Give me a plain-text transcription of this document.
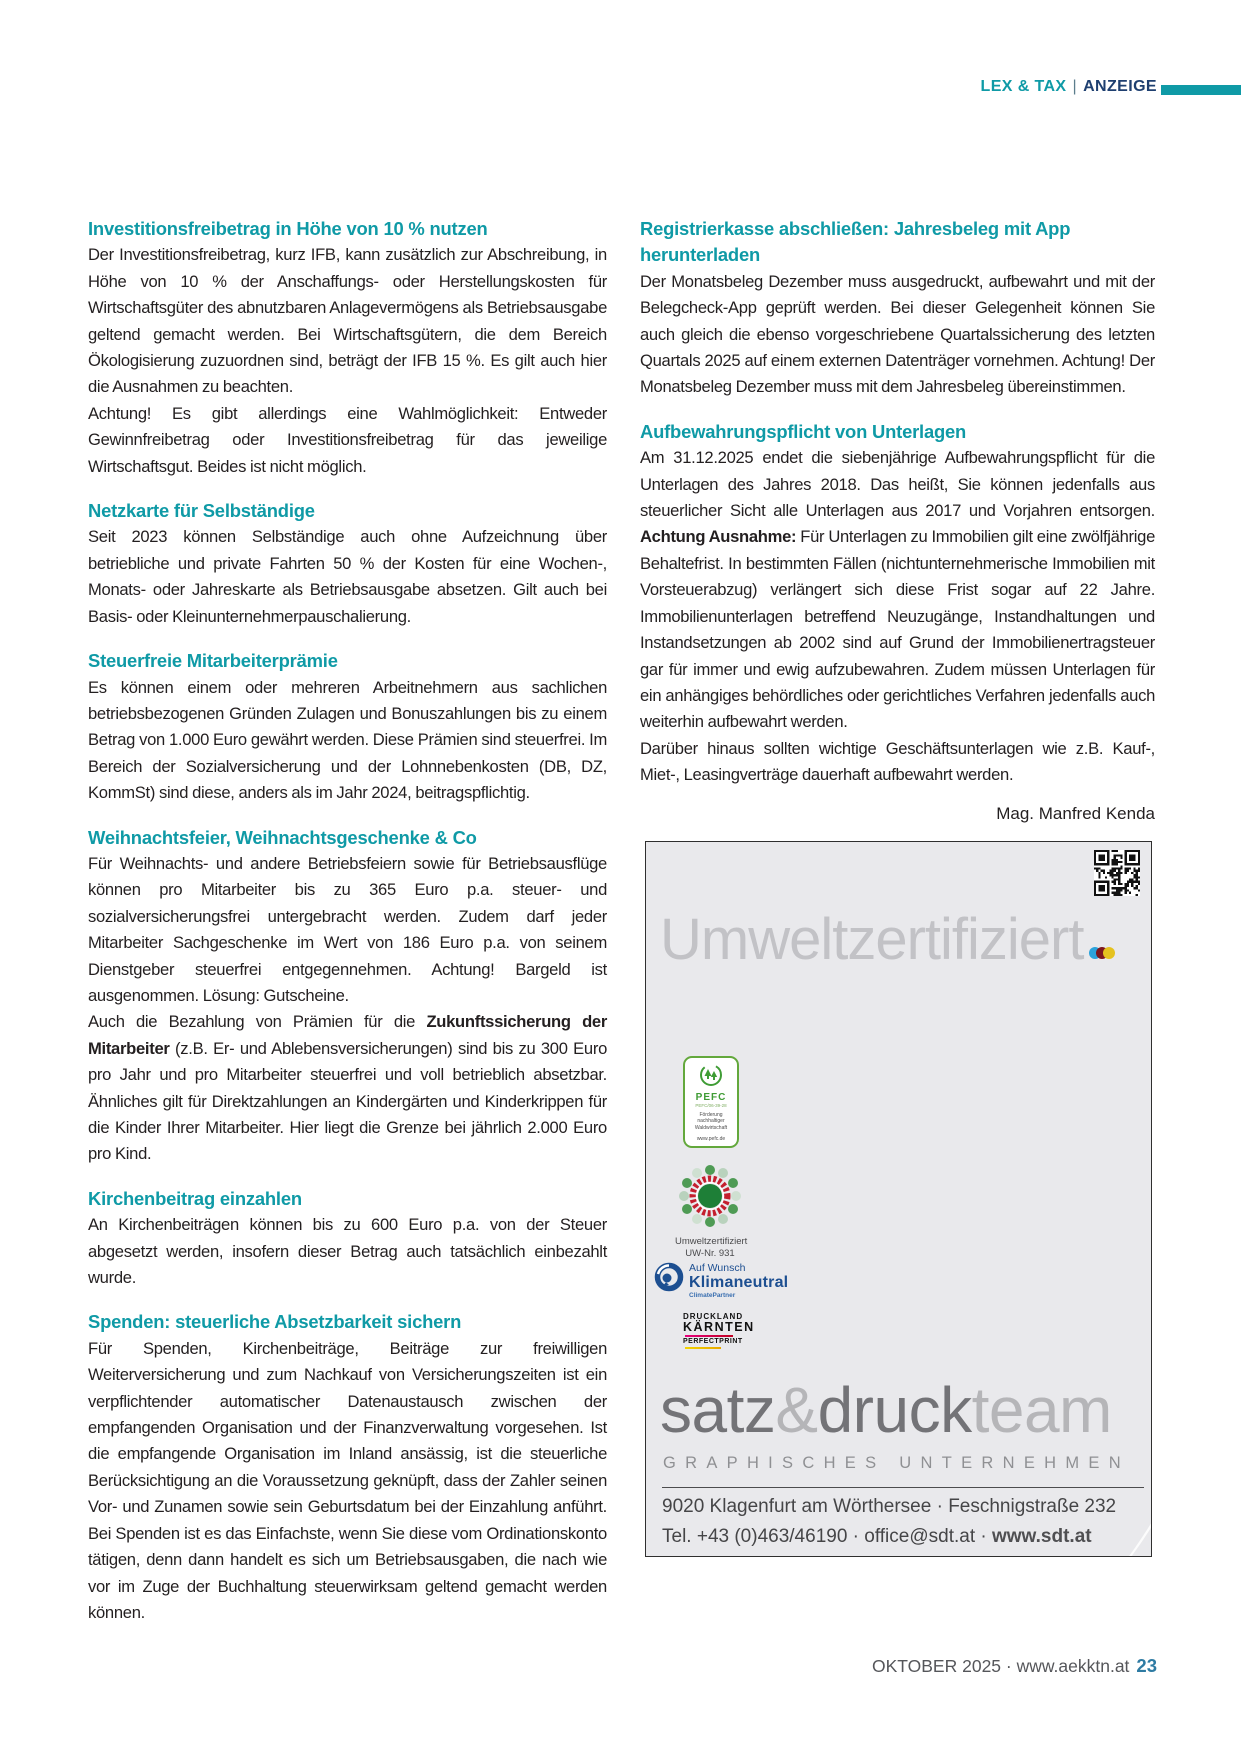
LEX & TAX | ANZEIGE
Investitionsfreibetrag in Höhe von 10 % nutzen

Der Investitionsfreibetrag, kurz IFB, kann zusätzlich zur Abschreibung, in Höhe von 10 % der Anschaffungs- oder Herstellungskosten für Wirtschaftsgüter des abnutzbaren Anlagevermögens als Betriebsausgabe geltend gemacht werden. Bei Wirtschaftsgütern, die dem Bereich Ökologisierung zuzuordnen sind, beträgt der IFB 15 %. Es gilt auch hier die Ausnahmen zu beachten.

Achtung! Es gibt allerdings eine Wahlmöglichkeit: Entweder Gewinnfreibetrag oder Investitionsfreibetrag für das jeweilige Wirtschaftsgut. Beides ist nicht möglich.

Netzkarte für Selbständige

Seit 2023 können Selbständige auch ohne Aufzeichnung über betriebliche und private Fahrten 50 % der Kosten für eine Wochen-, Monats- oder Jahreskarte als Betriebsausgabe absetzen. Gilt auch bei Basis- oder Kleinunternehmerpauschalierung.

Steuerfreie Mitarbeiterprämie

Es können einem oder mehreren Arbeitnehmern aus sachlichen betriebsbezogenen Gründen Zulagen und Bonuszahlungen bis zu einem Betrag von 1.000 Euro gewährt werden. Diese Prämien sind steuerfrei. Im Bereich der Sozialversicherung und der Lohnnebenkosten (DB, DZ, KommSt) sind diese, anders als im Jahr 2024, beitragspflichtig.

Weihnachtsfeier, Weihnachtsgeschenke & Co

Für Weihnachts- und andere Betriebsfeiern sowie für Betriebsausflüge können pro Mitarbeiter bis zu 365 Euro p.a. steuer- und sozialversicherungsfrei untergebracht werden. Zudem darf jeder Mitarbeiter Sachgeschenke im Wert von 186 Euro p.a. von seinem Dienstgeber steuerfrei entgegennehmen. Achtung! Bargeld ist ausgenommen. Lösung: Gutscheine.

Auch die Bezahlung von Prämien für die Zukunftssicherung der Mitarbeiter (z.B. Er- und Ablebensversicherungen) sind bis zu 300 Euro pro Jahr und pro Mitarbeiter steuerfrei und voll betrieblich absetzbar. Ähnliches gilt für Direktzahlungen an Kindergärten und Kinderkrippen für die Kinder Ihrer Mitarbeiter. Hier liegt die Grenze bei jährlich 2.000 Euro pro Kind.

Kirchenbeitrag einzahlen

An Kirchenbeiträgen können bis zu 600 Euro p.a. von der Steuer abgesetzt werden, insofern dieser Betrag auch tatsächlich einbezahlt wurde.

Spenden: steuerliche Absetzbarkeit sichern

Für Spenden, Kirchenbeiträge, Beiträge zur freiwilligen Weiterversicherung und zum Nachkauf von Versicherungszeiten ist ein verpflichtender automatischer Datenaustausch zwischen der empfangenden Organisation und der Finanzverwaltung vorgesehen. Ist die empfangende Organisation im Inland ansässig, ist die steuerliche Berücksichtigung an die Voraussetzung geknüpft, dass der Zahler seinen Vor- und Zunamen sowie sein Geburtsdatum bei der Einzahlung anführt. Bei Spenden ist es das Einfachste, wenn Sie diese vom Ordinationskonto tätigen, denn dann handelt es sich um Betriebsausgaben, die nach wie vor im Zuge der Buchhaltung steuerwirksam geltend gemacht werden können.

Registrierkasse abschließen: Jahresbeleg mit App herunterladen

Der Monatsbeleg Dezember muss ausgedruckt, aufbewahrt und mit der Belegcheck-App geprüft werden. Bei dieser Gelegenheit können Sie auch gleich die ebenso vorgeschriebene Quartalssicherung des letzten Quartals 2025 auf einem externen Datenträger vornehmen. Achtung! Der Monatsbeleg Dezember muss mit dem Jahresbeleg übereinstimmen.

Aufbewahrungspflicht von Unterlagen

Am 31.12.2025 endet die siebenjährige Aufbewahrungspflicht für die Unterlagen des Jahres 2018. Das heißt, Sie können jedenfalls aus steuerlicher Sicht alle Unterlagen aus 2017 und Vorjahren entsorgen. Achtung Ausnahme: Für Unterlagen zu Immobilien gilt eine zwölfjährige Behaltefrist. In bestimmten Fällen (nichtunternehmerische Immobilien mit Vorsteuerabzug) verlängert sich diese Frist sogar auf 22 Jahre. Immobilienunterlagen betreffend Neuzugänge, Instandhaltungen und Instandsetzungen ab 2002 sind auf Grund der Immobilienertragsteuer gar für immer und ewig aufzubewahren. Zudem müssen Unterlagen für ein anhängiges behördliches oder gerichtliches Verfahren jedenfalls auch weiterhin aufbewahrt werden.

Darüber hinaus sollten wichtige Geschäftsunterlagen wie z.B. Kauf-, Miet-, Leasingverträge dauerhaft aufbewahrt werden.

Mag. Manfred Kenda
Umweltzertifiziert
PEFC
PEFC/06-39-28
Förderung
nachhaltiger
Waldwirtschaft
www.pefc.de
Umweltzertifiziert
UW-Nr. 931
Auf Wunsch
Klimaneutral
ClimatePartner
DRUCKLAND
KÄRNTEN
PERFECTPRINT
satz&druckteam
GRAPHISCHES UNTERNEHMEN
9020 Klagenfurt am Wörthersee · Feschnigstraße 232
Tel. +43 (0)463/46190 · office@sdt.at · www.sdt.at
OKTOBER 2025 · www.aekktn.at 23
